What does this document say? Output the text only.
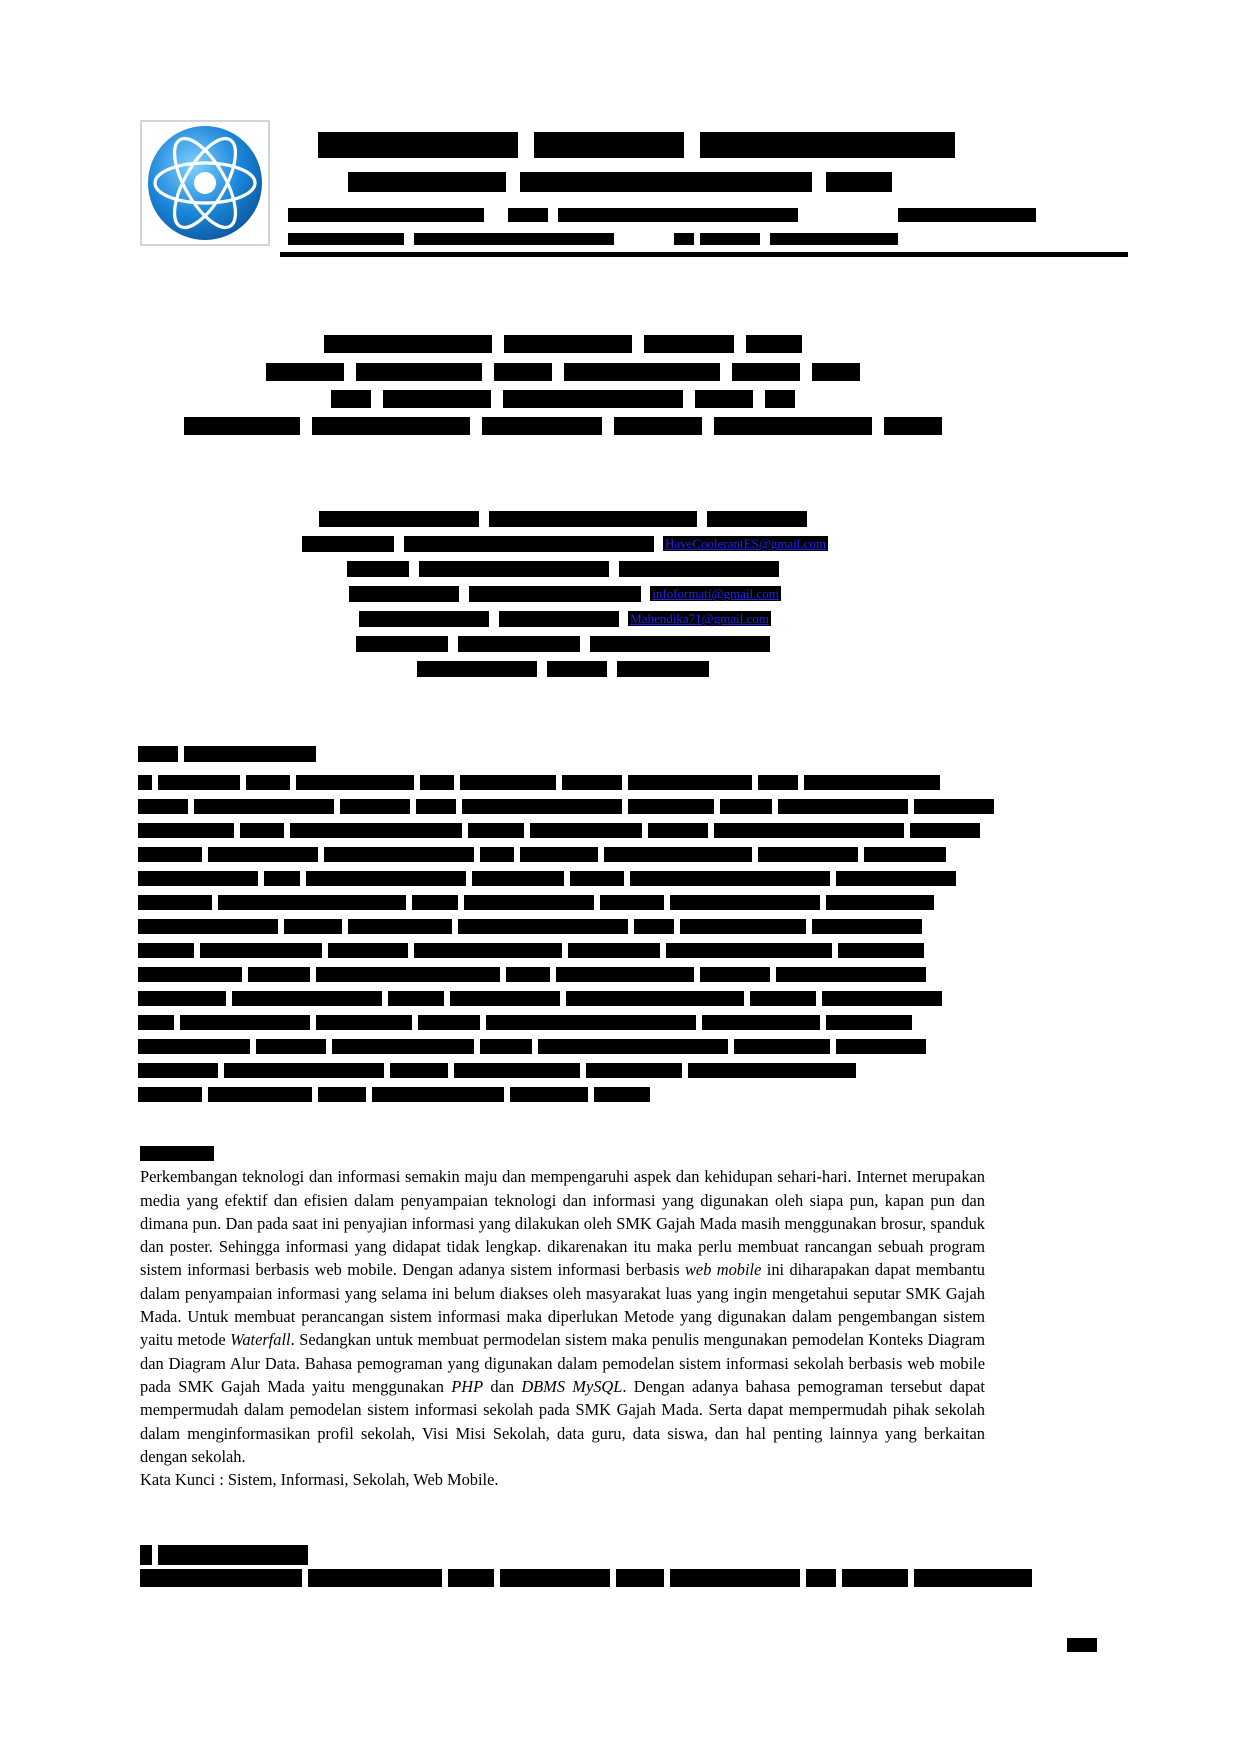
HaveCoolerantES@gmail.com
infoformati@gmail.com
Mahendika71@gmail.com

Perkembangan teknologi dan informasi semakin maju dan mempengaruhi aspek dan kehidupan sehari-hari. Internet merupakan media yang efektif dan efisien dalam penyampaian teknologi dan informasi yang digunakan oleh siapa pun, kapan pun dan dimana pun. Dan pada saat ini penyajian informasi yang dilakukan oleh SMK Gajah Mada masih menggunakan brosur, spanduk dan poster. Sehingga informasi yang didapat tidak lengkap. dikarenakan itu maka perlu membuat rancangan sebuah program sistem informasi berbasis web mobile. Dengan adanya sistem informasi berbasis web mobile ini diharapakan dapat membantu dalam penyampaian informasi yang selama ini belum diakses oleh masyarakat luas yang ingin mengetahui seputar SMK Gajah Mada. Untuk membuat perancangan sistem informasi maka diperlukan Metode yang digunakan dalam pengembangan sistem yaitu metode Waterfall. Sedangkan untuk membuat permodelan sistem maka penulis mengunakan pemodelan Konteks Diagram dan Diagram Alur Data. Bahasa pemograman yang digunakan dalam pemodelan sistem informasi sekolah berbasis web mobile pada SMK Gajah Mada yaitu menggunakan PHP dan DBMS MySQL. Dengan adanya bahasa pemograman tersebut dapat mempermudah dalam pemodelan sistem informasi sekolah pada SMK Gajah Mada. Serta dapat mempermudah pihak sekolah dalam menginformasikan profil sekolah, Visi Misi Sekolah, data guru, data siswa, dan hal penting lainnya yang berkaitan dengan sekolah.

Kata Kunci : Sistem, Informasi, Sekolah, Web Mobile.
